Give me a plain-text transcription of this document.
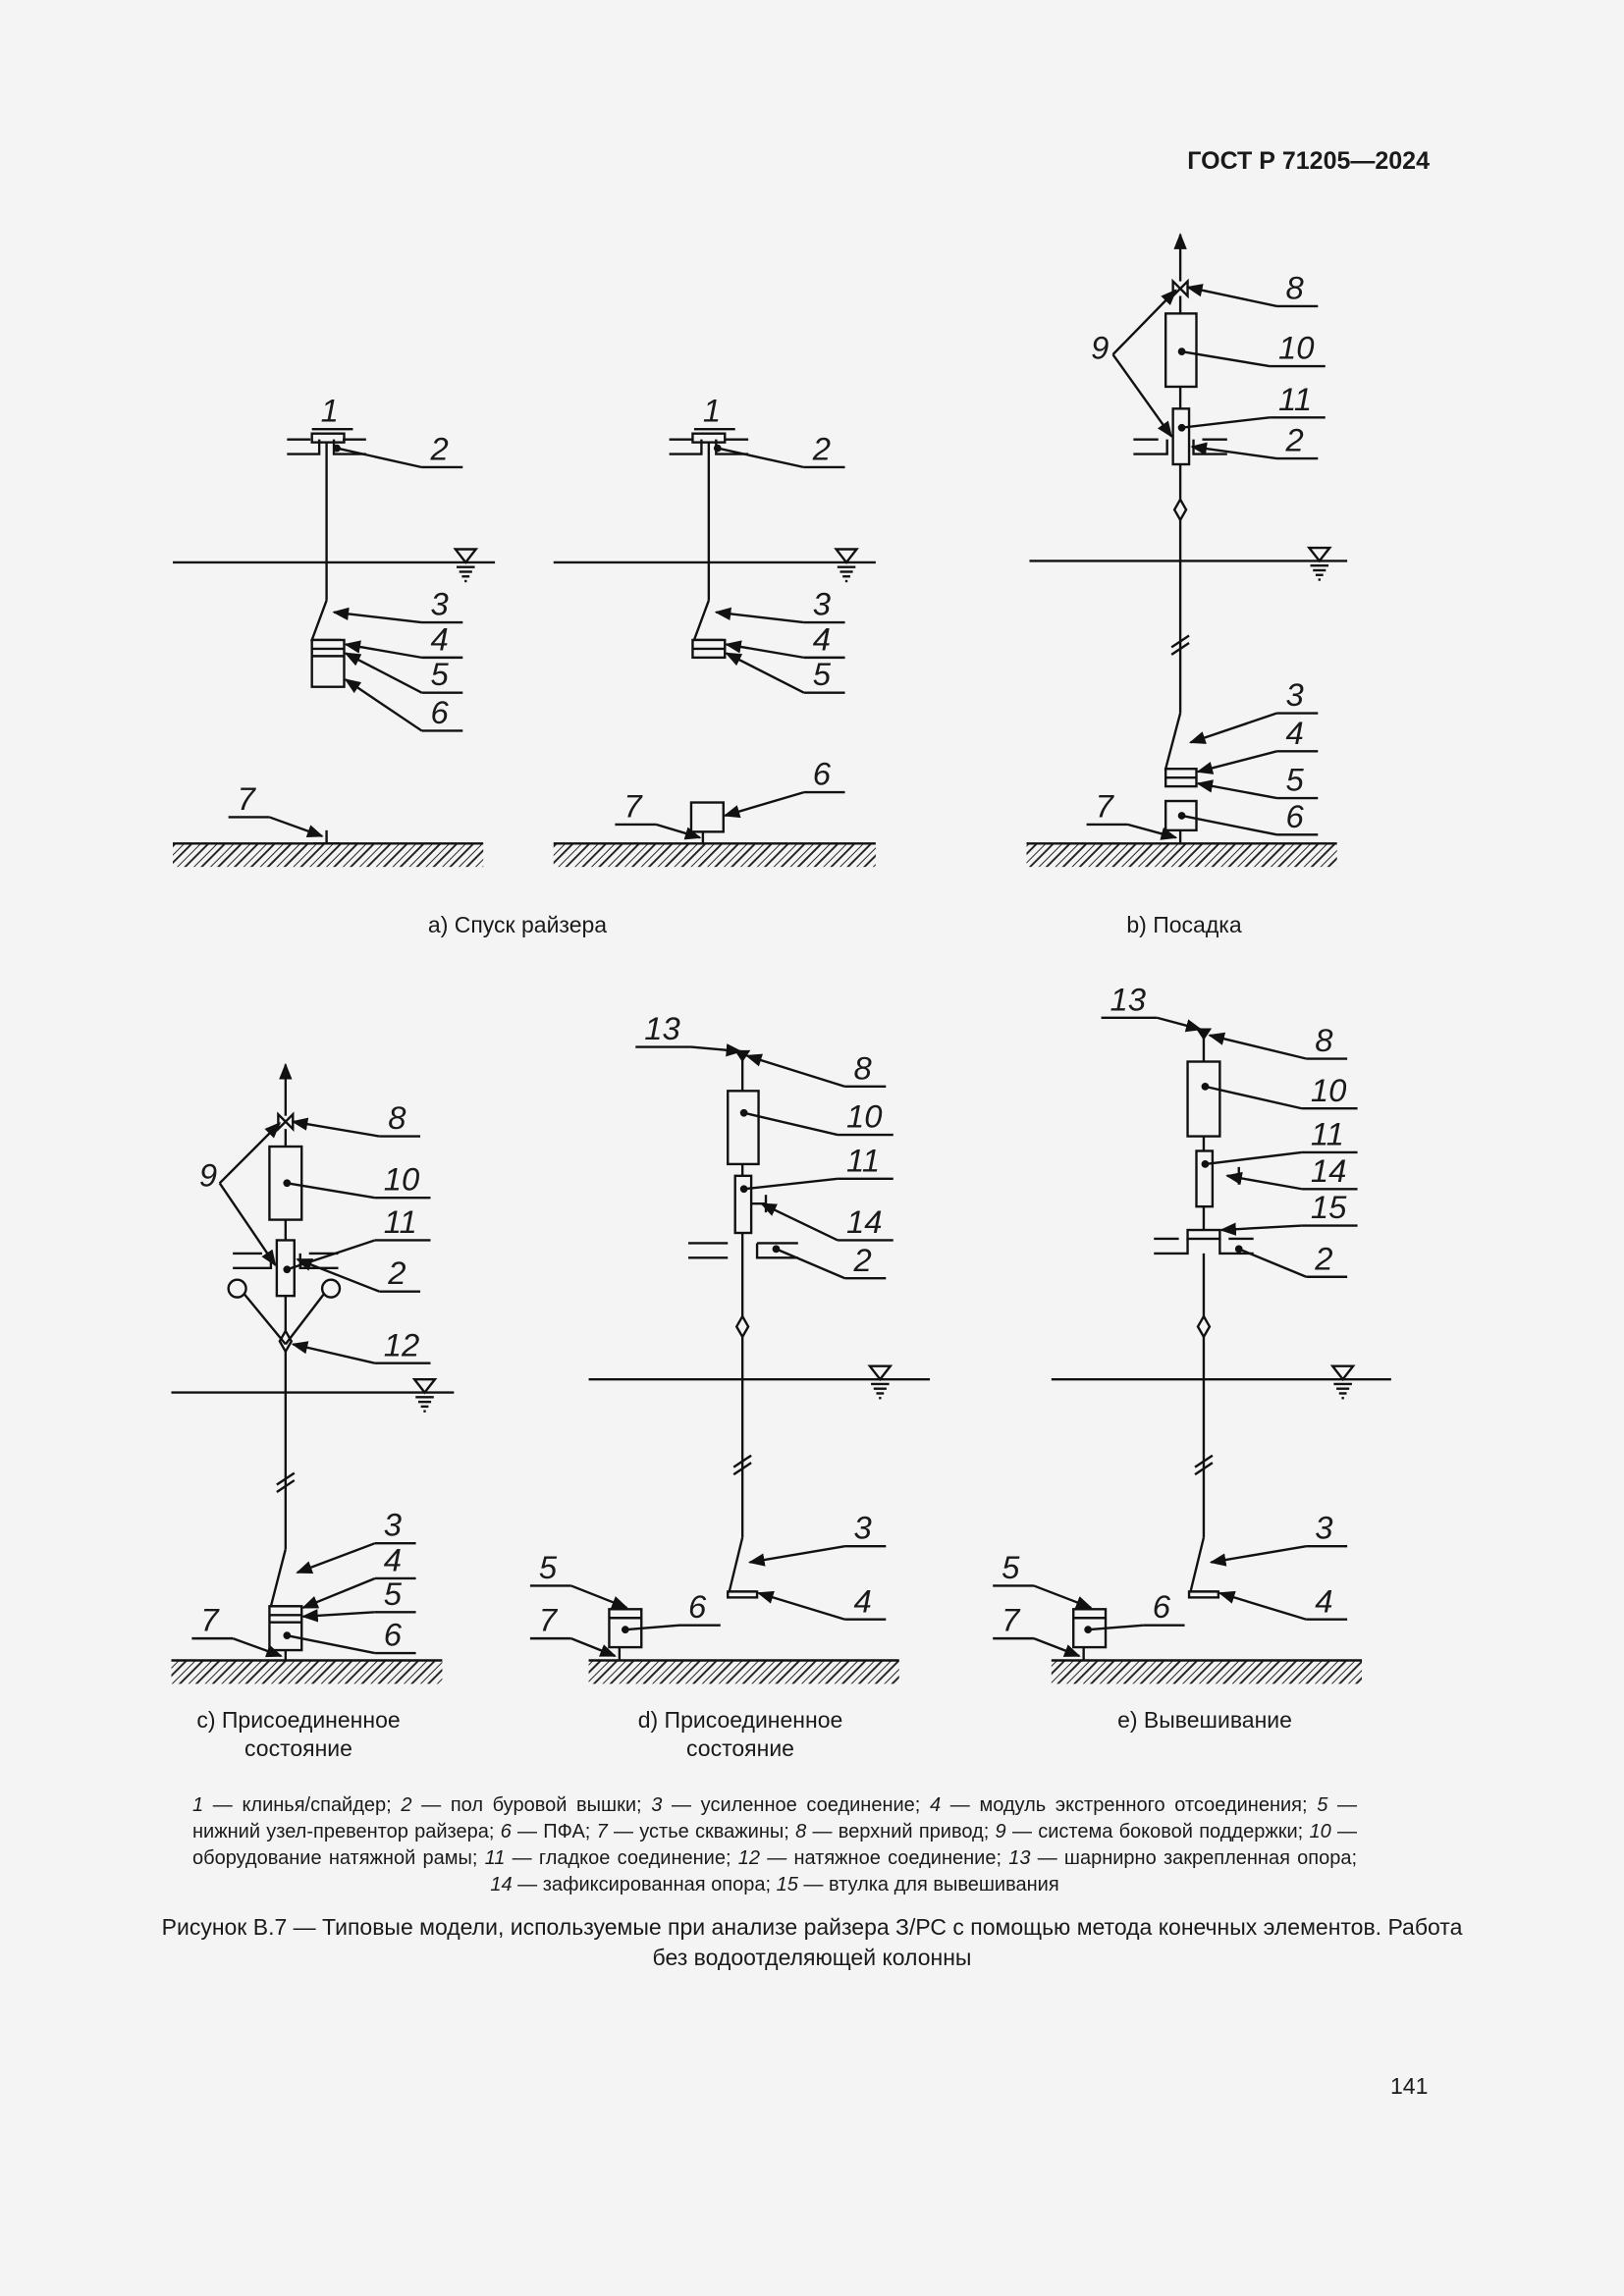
ГОСТ Р 71205—2024
1
2
3
4
5
6
7
1
2
3
4
5
6
7
8
10
11
2
3
4
5
6
7
9
8
10
11
2
12
3
4
5
6
7
9
13
8
10
11
14
2
3
4
5
6
7
13
8
10
11
14
15
2
3
4
5
6
7
a) Спуск райзера	b) Посадка
c) Присоединенное
состояние
d) Присоединенное
состояние
e) Вывешивание
1 — клинья/спайдер; 2 — пол буровой вышки; 3 — усиленное соединение; 4 — модуль экстренного отсоединения; 5 — нижний узел-превентор райзера; 6 — ПФА; 7 — устье скважины; 8 — верхний привод; 9 — система боковой поддержки; 10 — оборудование натяжной рамы; 11 — гладкое соединение; 12 — натяжное соединение; 13 — шарнирно закрепленная опора; 14 — зафиксированная опора; 15 — втулка для вывешивания
Рисунок В.7 — Типовые модели, используемые при анализе райзера З/РС с помощью метода конечных элементов. Работа без водоотделяющей колонны
141
